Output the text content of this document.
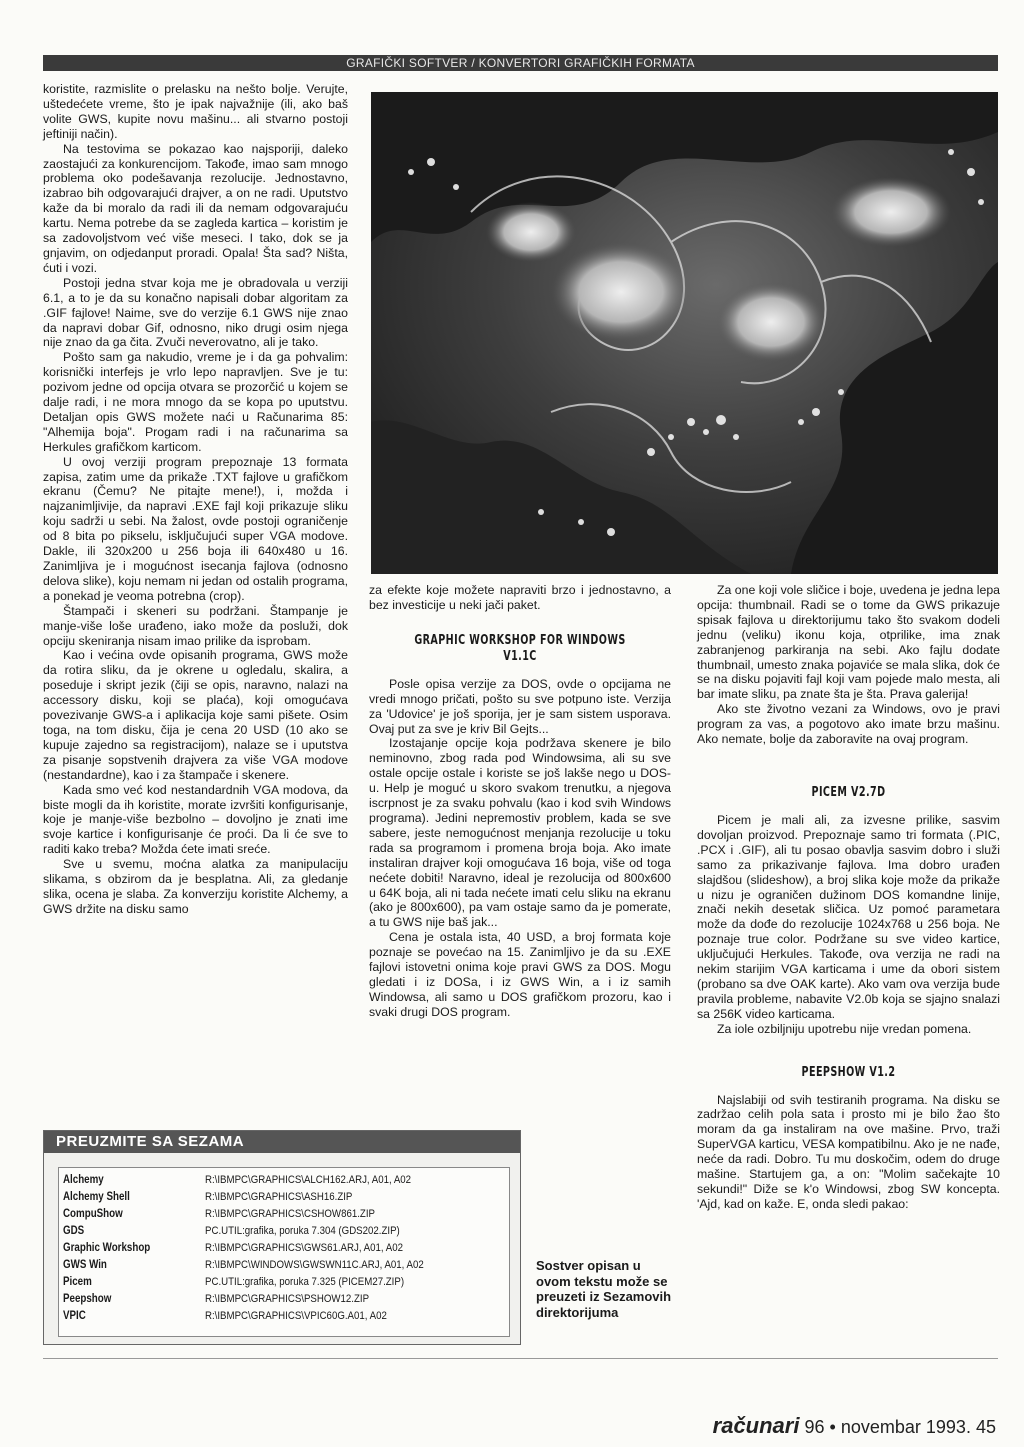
GRAFIČKI SOFTVER / KONVERTORI GRAFIČKIH FORMATA

koristite, razmislite o prelasku na nešto bolje. Verujte, uštedećete vreme, što je ipak najvažnije (ili, ako baš volite GWS, kupite novu mašinu... ali stvarno postoji jeftiniji način).

Na testovima se pokazao kao najsporiji, daleko zaostajući za konkurencijom. Takođe, imao sam mnogo problema oko podešavanja rezolucije. Jednostavno, izabrao bih odgovarajući drajver, a on ne radi. Uputstvo kaže da bi moralo da radi ili da nemam odgovarajuću kartu. Nema potrebe da se zagleda kartica – koristim je sa zadovoljstvom već više meseci. I tako, dok se ja gnjavim, on odjedanput proradi. Opala! Šta sad? Ništa, ćuti i vozi.

Postoji jedna stvar koja me je obradovala u verziji 6.1, a to je da su konačno napisali dobar algoritam za .GIF fajlove! Naime, sve do verzije 6.1 GWS nije znao da napravi dobar Gif, odnosno, niko drugi osim njega nije znao da ga čita. Zvuči neverovatno, ali je tako.

Pošto sam ga nakudio, vreme je i da ga pohvalim: korisnički interfejs je vrlo lepo napravljen. Sve je tu: pozivom jedne od opcija otvara se prozorčić u kojem se dalje radi, i ne mora mnogo da se kopa po uputstvu. Detaljan opis GWS možete naći u Računarima 85: "Alhemija boja". Progam radi i na računarima sa Herkules grafičkom karticom.

U ovoj verziji program prepoznaje 13 formata zapisa, zatim ume da prikaže .TXT fajlove u grafičkom ekranu (Čemu? Ne pitajte mene!), i, možda i najzanimljivije, da napravi .EXE fajl koji prikazuje sliku koju sadrži u sebi. Na žalost, ovde postoji ograničenje od 8 bita po pikselu, isključujući super VGA modove. Dakle, ili 320x200 u 256 boja ili 640x480 u 16. Zanimljiva je i mogućnost isecanja fajlova (odnosno delova slike), koju nemam ni jedan od ostalih programa, a ponekad je veoma potrebna (crop).

Štampači i skeneri su podržani. Štampanje je manje-više loše urađeno, iako može da posluži, dok opciju skeniranja nisam imao prilike da isprobam.

Kao i većina ovde opisanih programa, GWS može da rotira sliku, da je okrene u ogledalu, skalira, a poseduje i skript jezik (čiji se opis, naravno, nalazi na accessory disku, koji se plaća), koji omogućava povezivanje GWS-a i aplikacija koje sami pišete. Osim toga, na tom disku, čija je cena 20 USD (10 ako se kupuje zajedno sa registracijom), nalaze se i uputstva za pisanje sopstvenih drajvera za više VGA modove (nestandardne), kao i za štampače i skenere.

Kada smo već kod nestandardnih VGA modova, da biste mogli da ih koristite, morate izvršiti konfigurisanje, koje je manje-više bezbolno – dovoljno je znati ime svoje kartice i konfigurisanje će proći. Da li će sve to raditi kako treba? Možda ćete imati sreće.

Sve u svemu, moćna alatka za manipulaciju slikama, s obzirom da je besplatna. Ali, za gledanje slika, ocena je slaba. Za konverziju koristite Alchemy, a GWS držite na disku samo

za efekte koje možete napraviti brzo i jednostavno, a bez investicije u neki jači paket.

GRAPHIC WORKSHOP FOR WINDOWS V1.1C

Posle opisa verzije za DOS, ovde o opcijama ne vredi mnogo pričati, pošto su sve potpuno iste. Verzija za 'Udovice' je još sporija, jer je sam sistem usporava. Ovaj put za sve je kriv Bil Gejts...

Izostajanje opcije koja podržava skenere je bilo neminovno, zbog rada pod Windowsima, ali su sve ostale opcije ostale i koriste se još lakše nego u DOS-u. Help je moguć u skoro svakom trenutku, a njegova iscrpnost je za svaku pohvalu (kao i kod svih Windows programa). Jedini nepremostiv problem, kada se sve sabere, jeste nemogućnost menjanja rezolucije u toku rada sa programom i promena broja boja. Ako imate instaliran drajver koji omogućava 16 boja, više od toga nećete dobiti! Naravno, ideal je rezolucija od 800x600 u 64K boja, ali ni tada nećete imati celu sliku na ekranu (ako je 800x600), pa vam ostaje samo da je pomerate, a tu GWS nije baš jak...

Cena je ostala ista, 40 USD, a broj formata koje poznaje se povećao na 15. Zanimljivo je da su .EXE fajlovi istovetni onima koje pravi GWS za DOS. Mogu gledati i iz DOSa, i iz GWS Win, a i iz samih Windowsa, ali samo u DOS grafičkom prozoru, kao i svaki drugi DOS program.

Za one koji vole sličice i boje, uvedena je jedna lepa opcija: thumbnail. Radi se o tome da GWS prikazuje spisak fajlova u direktorijumu tako što svakom dodeli jednu (veliku) ikonu koja, otprilike, ima znak zabranjenog parkiranja na sebi. Ako fajlu dodate thumbnail, umesto znaka pojaviće se mala slika, dok će se na disku pojaviti fajl koji vam pojede malo mesta, ali bar imate sliku, pa znate šta je šta. Prava galerija!

Ako ste životno vezani za Windows, ovo je pravi program za vas, a pogotovo ako imate brzu mašinu. Ako nemate, bolje da zaboravite na ovaj program.

PICEM V2.7D

Picem je mali ali, za izvesne prilike, sasvim dovoljan proizvod. Prepoznaje samo tri formata (.PIC, .PCX i .GIF), ali tu posao obavlja sasvim dobro i služi samo za prikazivanje fajlova. Ima dobro urađen slajdšou (slideshow), a broj slika koje može da prikaže u nizu je ograničen dužinom DOS komandne linije, znači nekih desetak sličica. Uz pomoć parametara može da dođe do rezolucije 1024x768 u 256 boja. Ne poznaje true color. Podržane su sve video kartice, uključujući Herkules. Takođe, ova verzija ne radi na nekim starijim VGA karticama i ume da obori sistem (probano sa dve OAK karte). Ako vam ova verzija bude pravila probleme, nabavite V2.0b koja se sjajno snalazi sa 256K video karticama.

Za iole ozbiljniju upotrebu nije vredan pomena.

PEEPSHOW V1.2

Najslabiji od svih testiranih programa. Na disku se zadržao celih pola sata i prosto mi je bilo žao što moram da ga instaliram na ove mašine. Prvo, traži SuperVGA karticu, VESA kompatibilnu. Ako je ne nađe, neće da radi. Dobro. Tu mu doskočim, odem do druge mašine. Startujem ga, a on: "Molim sačekajte 10 sekundi!" Diže se k'o Windowsi, zbog SW koncepta. 'Ajd, kad on kaže. E, onda sledi pakao:

PREUZMITE SA SEZAMA
Alchemy	R:\IBMPC\GRAPHICS\ALCH162.ARJ, A01, A02
Alchemy Shell	R:\IBMPC\GRAPHICS\ASH16.ZIP
CompuShow	R:\IBMPC\GRAPHICS\CSHOW861.ZIP
GDS	PC.UTIL:grafika, poruka 7.304 (GDS202.ZIP)
Graphic Workshop	R:\IBMPC\GRAPHICS\GWS61.ARJ, A01, A02
GWS Win	R:\IBMPC\WINDOWS\GWSWN11C.ARJ, A01, A02
Picem	PC.UTIL:grafika, poruka 7.325 (PICEM27.ZIP)
Peepshow	R:\IBMPC\GRAPHICS\PSHOW12.ZIP
VPIC	R:\IBMPC\GRAPHICS\VPIC60G.A01, A02
Sostver opisan u ovom tekstu može se preuzeti iz Sezamovih direktorijuma
računari 96 • novembar 1993. 45
